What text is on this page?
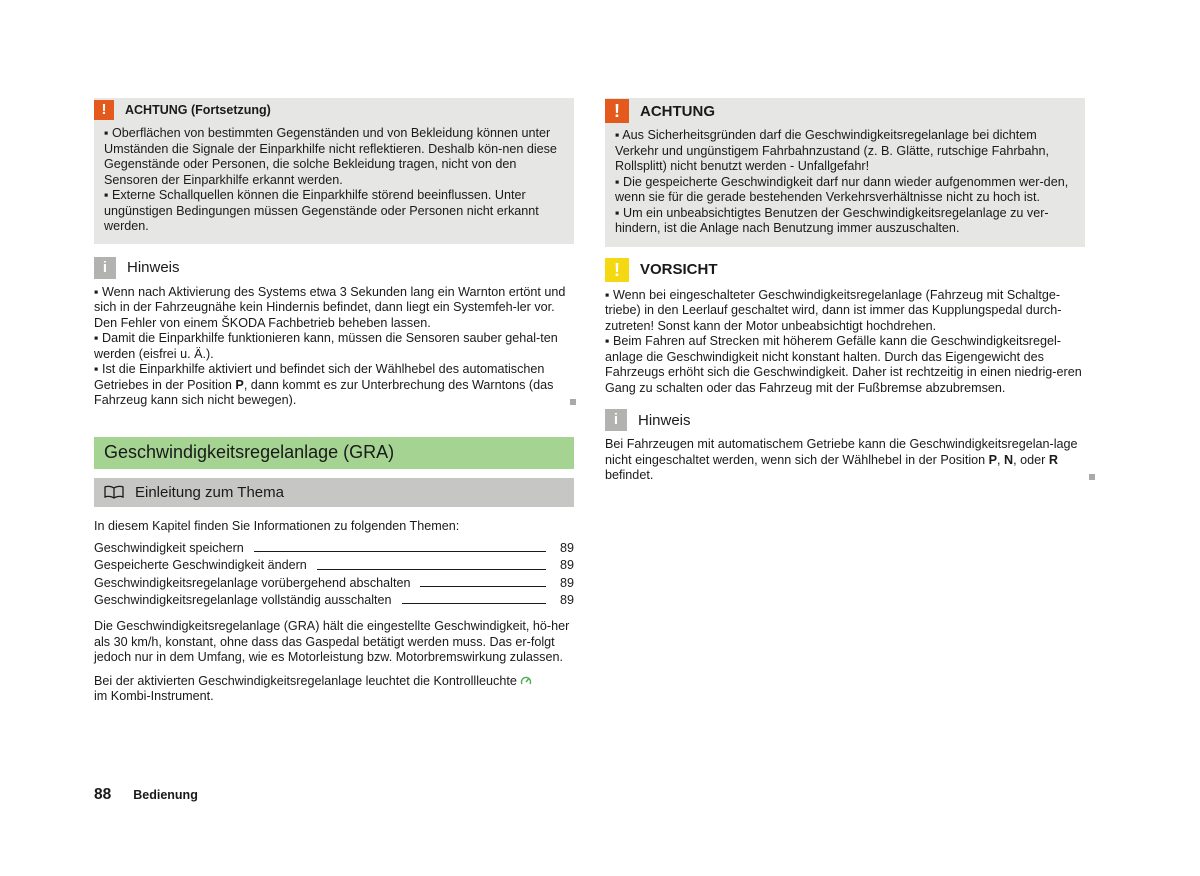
!	ACHTUNG (Fortsetzung)

▪ Oberflächen von bestimmten Gegenständen und von Bekleidung können unter Umständen die Signale der Einparkhilfe nicht reflektieren. Deshalb kön-nen diese Gegenstände oder Personen, die solche Bekleidung tragen, nicht von den Sensoren der Einparkhilfe erkannt werden.

▪ Externe Schallquellen können die Einparkhilfe störend beeinflussen. Unter ungünstigen Bedingungen müssen Gegenstände oder Personen nicht erkannt werden.

i	Hinweis

▪ Wenn nach Aktivierung des Systems etwa 3 Sekunden lang ein Warnton ertönt und sich in der Fahrzeugnähe kein Hindernis befindet, dann liegt ein Systemfeh-ler vor. Den Fehler von einem ŠKODA Fachbetrieb beheben lassen.

▪ Damit die Einparkhilfe funktionieren kann, müssen die Sensoren sauber gehal-ten werden (eisfrei u. Ä.).

▪ Ist die Einparkhilfe aktiviert und befindet sich der Wählhebel des automatischen Getriebes in der Position P, dann kommt es zur Unterbrechung des Warntons (das Fahrzeug kann sich nicht bewegen).

Geschwindigkeitsregelanlage (GRA)
Einleitung zum Thema

In diesem Kapitel finden Sie Informationen zu folgenden Themen:

Geschwindigkeit speichern	89
Gespeicherte Geschwindigkeit ändern	89
Geschwindigkeitsregelanlage vorübergehend abschalten	89
Geschwindigkeitsregelanlage vollständig ausschalten	89

Die Geschwindigkeitsregelanlage (GRA) hält die eingestellte Geschwindigkeit, hö-her als 30 km/h, konstant, ohne dass das Gaspedal betätigt werden muss. Das er-folgt jedoch nur in dem Umfang, wie es Motorleistung bzw. Motorbremswirkung zulassen.

Bei der aktivierten Geschwindigkeitsregelanlage leuchtet die Kontrollleuchte
im Kombi-Instrument.

!	ACHTUNG

▪ Aus Sicherheitsgründen darf die Geschwindigkeitsregelanlage bei dichtem Verkehr und ungünstigem Fahrbahnzustand (z. B. Glätte, rutschige Fahrbahn, Rollsplitt) nicht benutzt werden - Unfallgefahr!

▪ Die gespeicherte Geschwindigkeit darf nur dann wieder aufgenommen wer-den, wenn sie für die gerade bestehenden Verkehrsverhältnisse nicht zu hoch ist.

▪ Um ein unbeabsichtigtes Benutzen der Geschwindigkeitsregelanlage zu ver-hindern, ist die Anlage nach Benutzung immer auszuschalten.

!	VORSICHT

▪ Wenn bei eingeschalteter Geschwindigkeitsregelanlage (Fahrzeug mit Schaltge-triebe) in den Leerlauf geschaltet wird, dann ist immer das Kupplungspedal durch-zutreten! Sonst kann der Motor unbeabsichtigt hochdrehen.

▪ Beim Fahren auf Strecken mit höherem Gefälle kann die Geschwindigkeitsregel-anlage die Geschwindigkeit nicht konstant halten. Durch das Eigengewicht des Fahrzeugs erhöht sich die Geschwindigkeit. Daher ist rechtzeitig in einen niedrig-eren Gang zu schalten oder das Fahrzeug mit der Fußbremse abzubremsen.

i	Hinweis

Bei Fahrzeugen mit automatischem Getriebe kann die Geschwindigkeitsregelan-lage nicht eingeschaltet werden, wenn sich der Wählhebel in der Position P, N, oder R befindet.

88 Bedienung
